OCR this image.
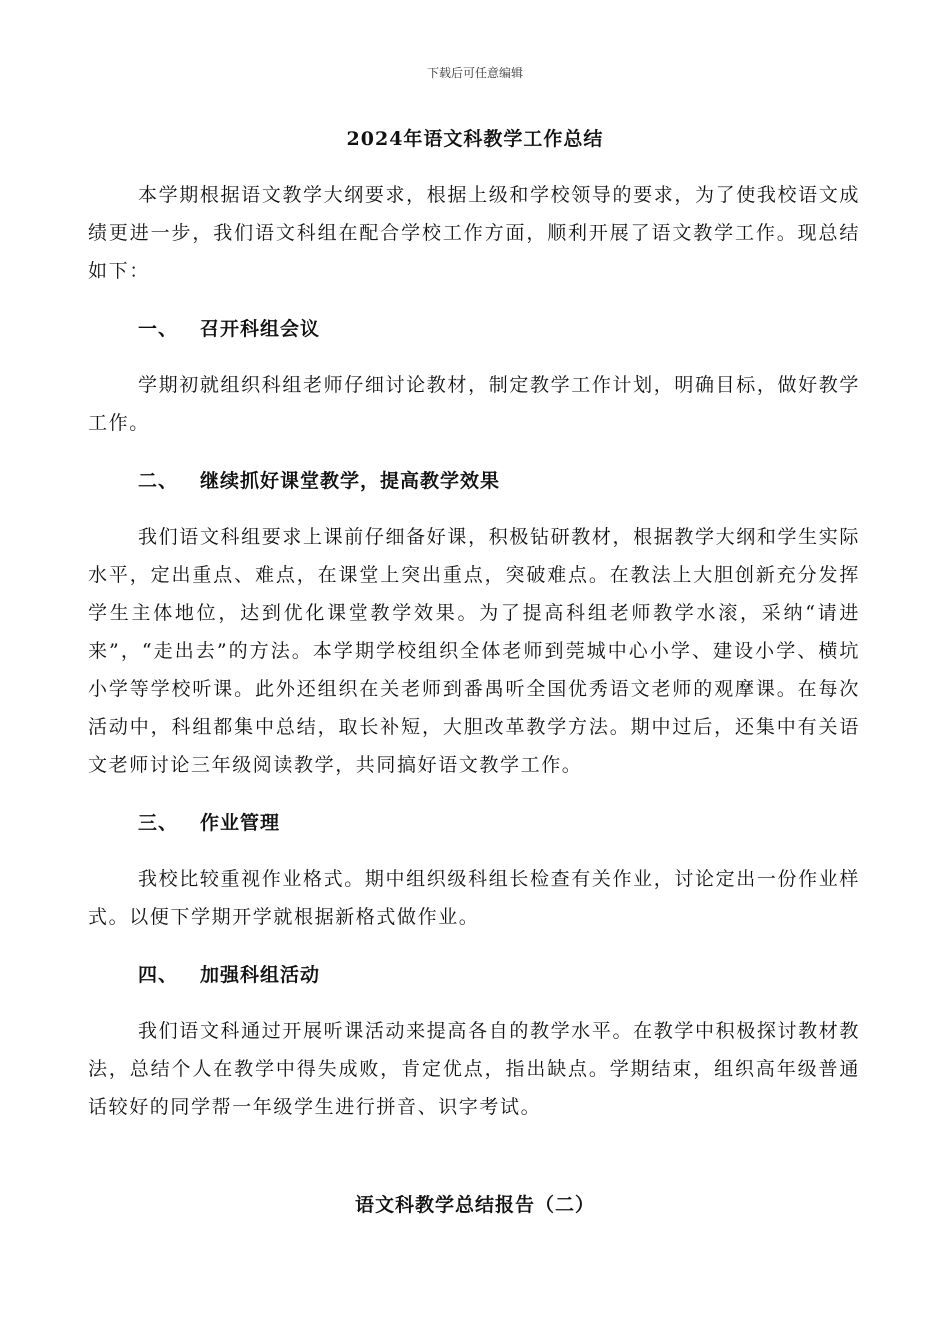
下载后可任意编辑
2024年语文科教学工作总结

本学期根据语文教学大纲要求，根据上级和学校领导的要求，为了使我校语文成绩更进一步，我们语文科组在配合学校工作方面，顺利开展了语文教学工作。现总结如下：

一、 召开科组会议

学期初就组织科组老师仔细讨论教材，制定教学工作计划，明确目标，做好教学工作。

二、 继续抓好课堂教学，提高教学效果

我们语文科组要求上课前仔细备好课，积极钻研教材，根据教学大纲和学生实际水平，定出重点、难点，在课堂上突出重点，突破难点。在教法上大胆创新充分发挥学生主体地位，达到优化课堂教学效果。为了提高科组老师教学水滚，采纳“请进来”，“走出去”的方法。本学期学校组织全体老师到莞城中心小学、建设小学、横坑小学等学校听课。此外还组织在关老师到番禺听全国优秀语文老师的观摩课。在每次活动中，科组都集中总结，取长补短，大胆改革教学方法。期中过后，还集中有关语文老师讨论三年级阅读教学，共同搞好语文教学工作。

三、 作业管理

我校比较重视作业格式。期中组织级科组长检查有关作业，讨论定出一份作业样式。以便下学期开学就根据新格式做作业。

四、 加强科组活动

我们语文科通过开展听课活动来提高各自的教学水平。在教学中积极探讨教材教法，总结个人在教学中得失成败，肯定优点，指出缺点。学期结束，组织高年级普通话较好的同学帮一年级学生进行拼音、识字考试。

语文科教学总结报告（二）
